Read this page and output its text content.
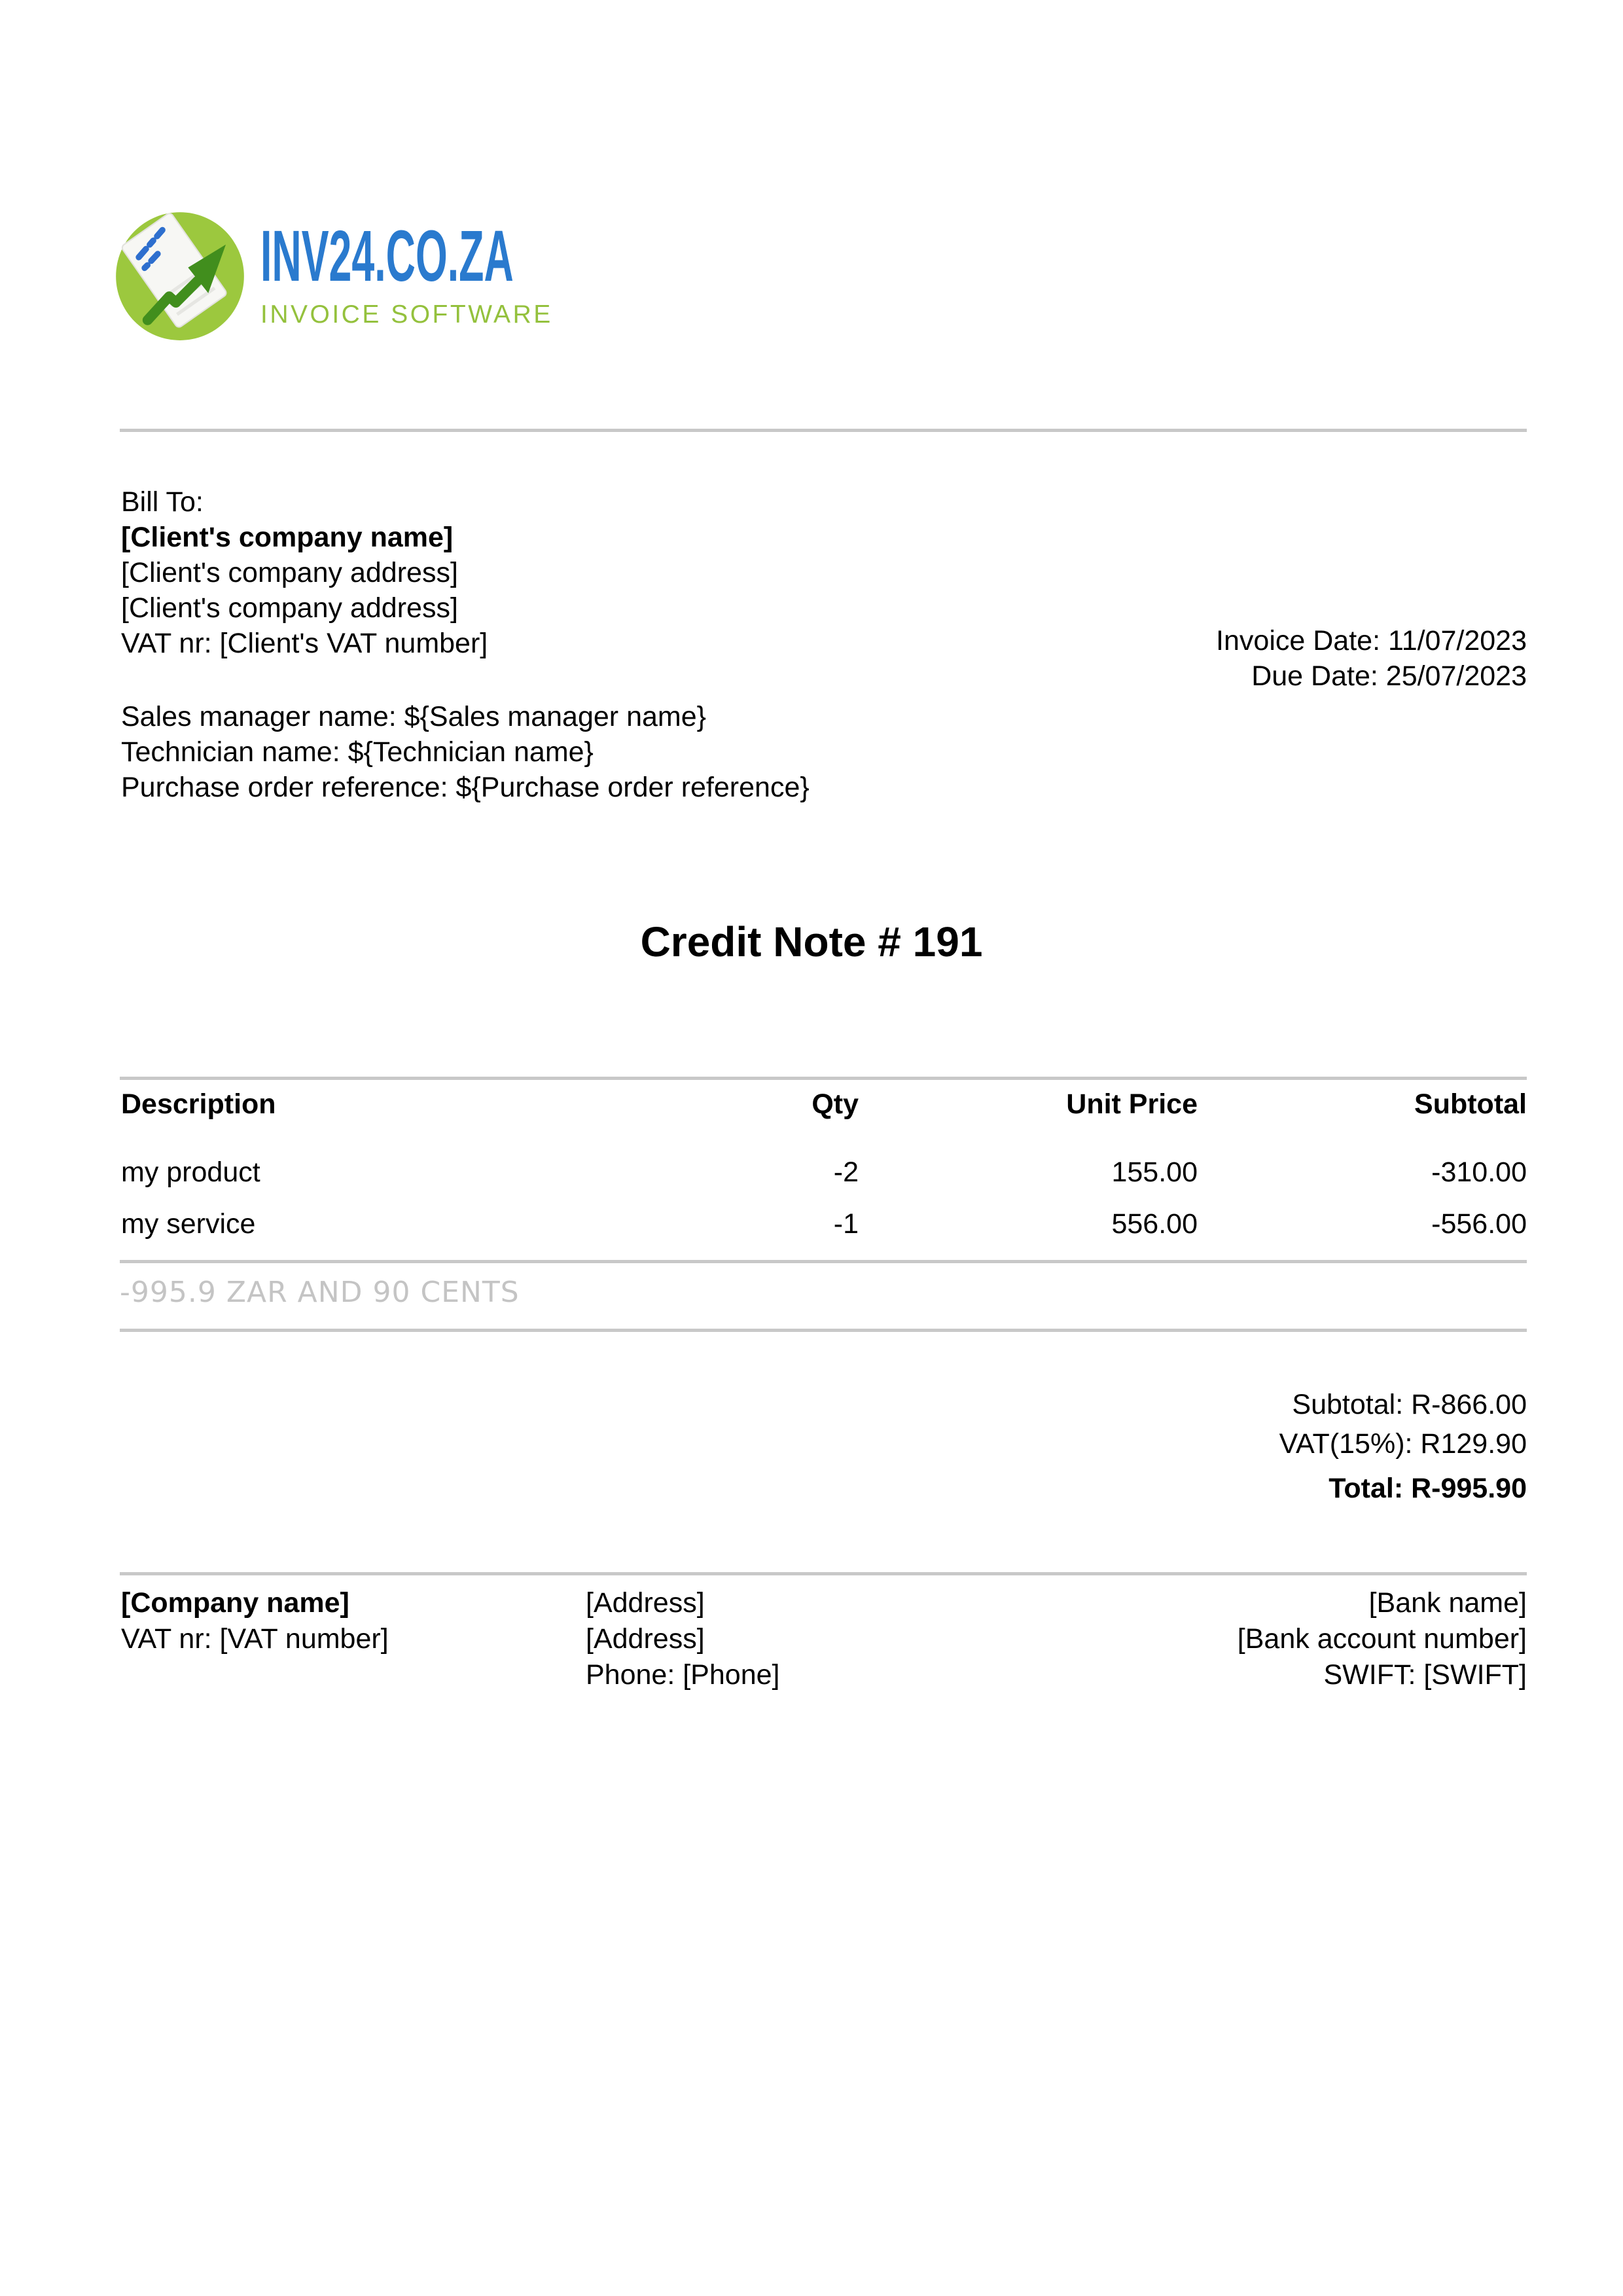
INV24.CO.ZA
INVOICE SOFTWARE
Bill To:
[Client's company name]
[Client's company address]
[Client's company address]
VAT nr: [Client's VAT number]	Invoice Date: 11/07/2023
Due Date: 25/07/2023
Sales manager name: ${Sales manager name}
Technician name: ${Technician name}
Purchase order reference: ${Purchase order reference}
Credit Note # 191
Description	Qty	Unit Price	Subtotal
my product	-2	155.00	-310.00
my service	-1	556.00	-556.00
-995.9 ZAR AND 90 CENTS
Subtotal: R-866.00
VAT(15%): R129.90
Total: R-995.90
[Company name]
VAT nr: [VAT number]
[Address]
[Address]
Phone: [Phone]
[Bank name]
[Bank account number]
SWIFT: [SWIFT]
